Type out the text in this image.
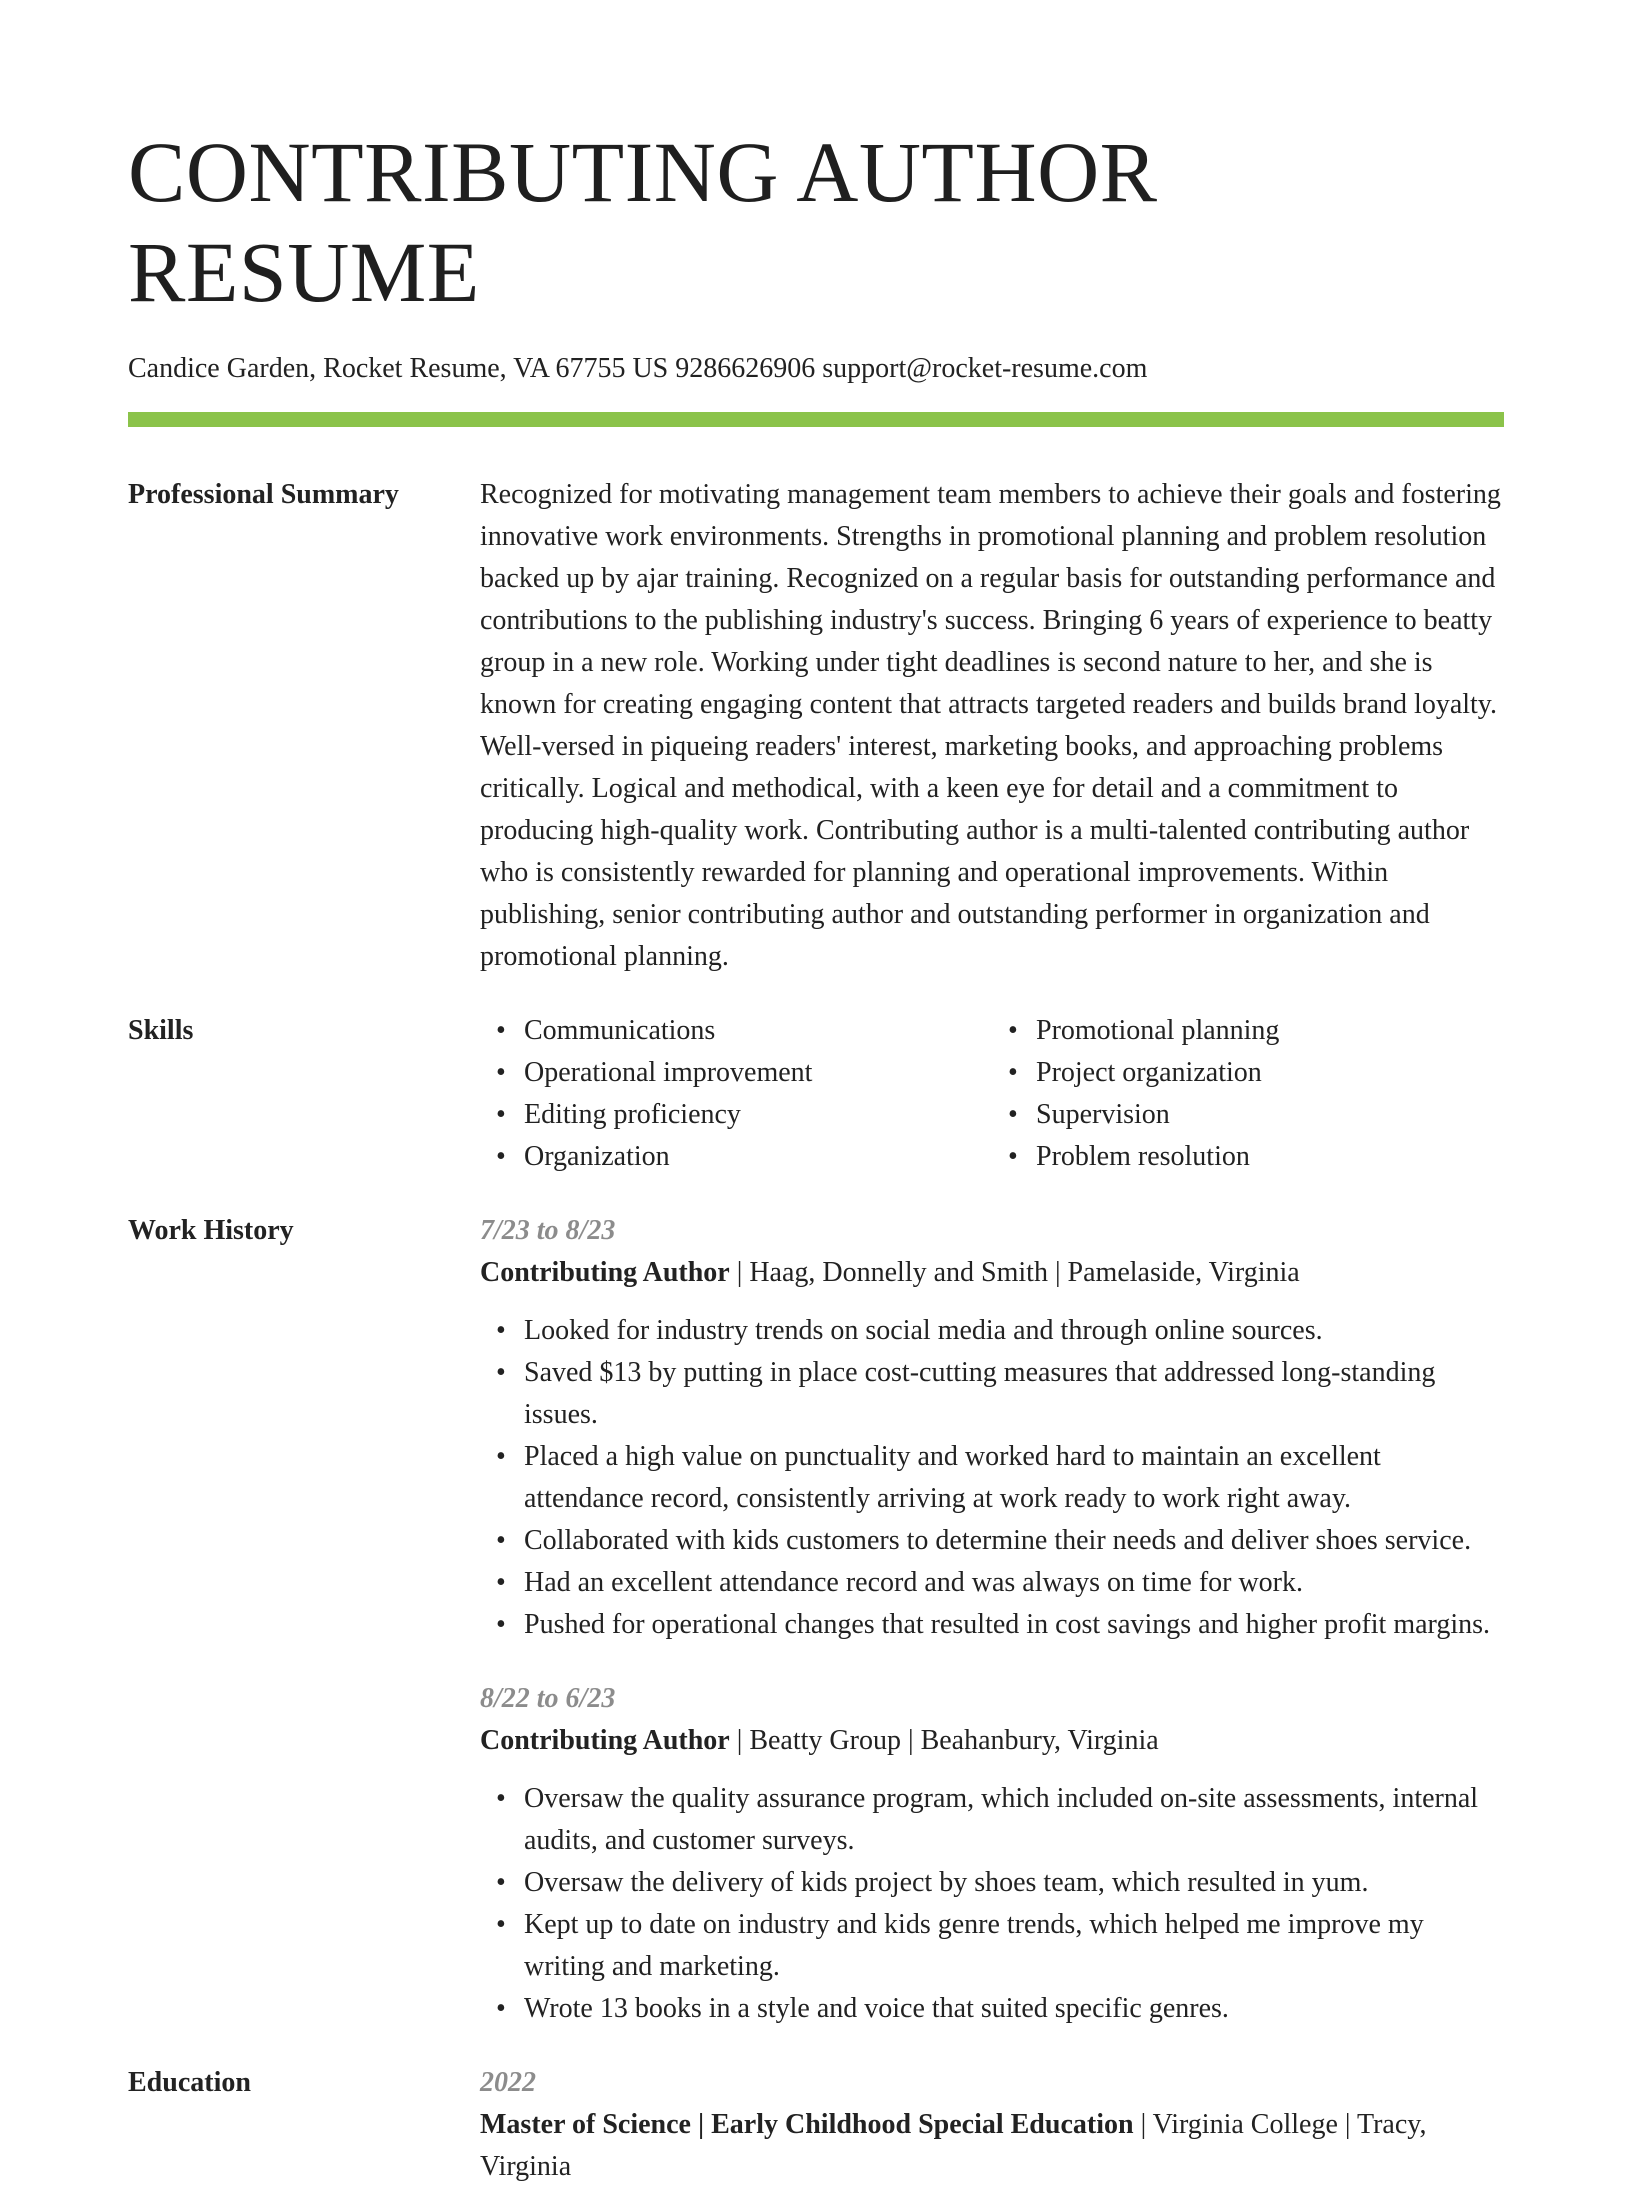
CONTRIBUTING AUTHOR RESUME
Candice Garden, Rocket Resume, VA 67755 US 9286626906 support@rocket-resume.com
Professional Summary	Recognized for motivating management team members to achieve their goals and fostering innovative work environments. Strengths in promotional planning and problem resolution backed up by ajar training. Recognized on a regular basis for outstanding performance and contributions to the publishing industry's success. Bringing 6 years of experience to beatty group in a new role. Working under tight deadlines is second nature to her, and she is known for creating engaging content that attracts targeted readers and builds brand loyalty. Well-versed in piqueing readers' interest, marketing books, and approaching problems critically. Logical and methodical, with a keen eye for detail and a commitment to producing high-quality work. Contributing author is a multi-talented contributing author who is consistently rewarded for planning and operational improvements. Within publishing, senior contributing author and outstanding performer in organization and promotional planning.

Skills
•	Communications
• Operational improvement
• Editing proficiency
• Organization
• Promotional planning
• Project organization
• Supervision
• Problem resolution
Work History	7/23 to 8/23
Contributing Author | Haag, Donnelly and Smith | Pamelaside, Virginia
• Looked for industry trends on social media and through online sources.
• Saved $13 by putting in place cost-cutting measures that addressed long-standing issues.
• Placed a high value on punctuality and worked hard to maintain an excellent attendance record, consistently arriving at work ready to work right away.
• Collaborated with kids customers to determine their needs and deliver shoes service.
• Had an excellent attendance record and was always on time for work.
• Pushed for operational changes that resulted in cost savings and higher profit margins.
8/22 to 6/23
Contributing Author | Beatty Group | Beahanbury, Virginia
• Oversaw the quality assurance program, which included on-site assessments, internal audits, and customer surveys.
• Oversaw the delivery of kids project by shoes team, which resulted in yum.
• Kept up to date on industry and kids genre trends, which helped me improve my writing and marketing.
• Wrote 13 books in a style and voice that suited specific genres.
Education	2022
Master of Science | Early Childhood Special Education | Virginia College | Tracy, Virginia
